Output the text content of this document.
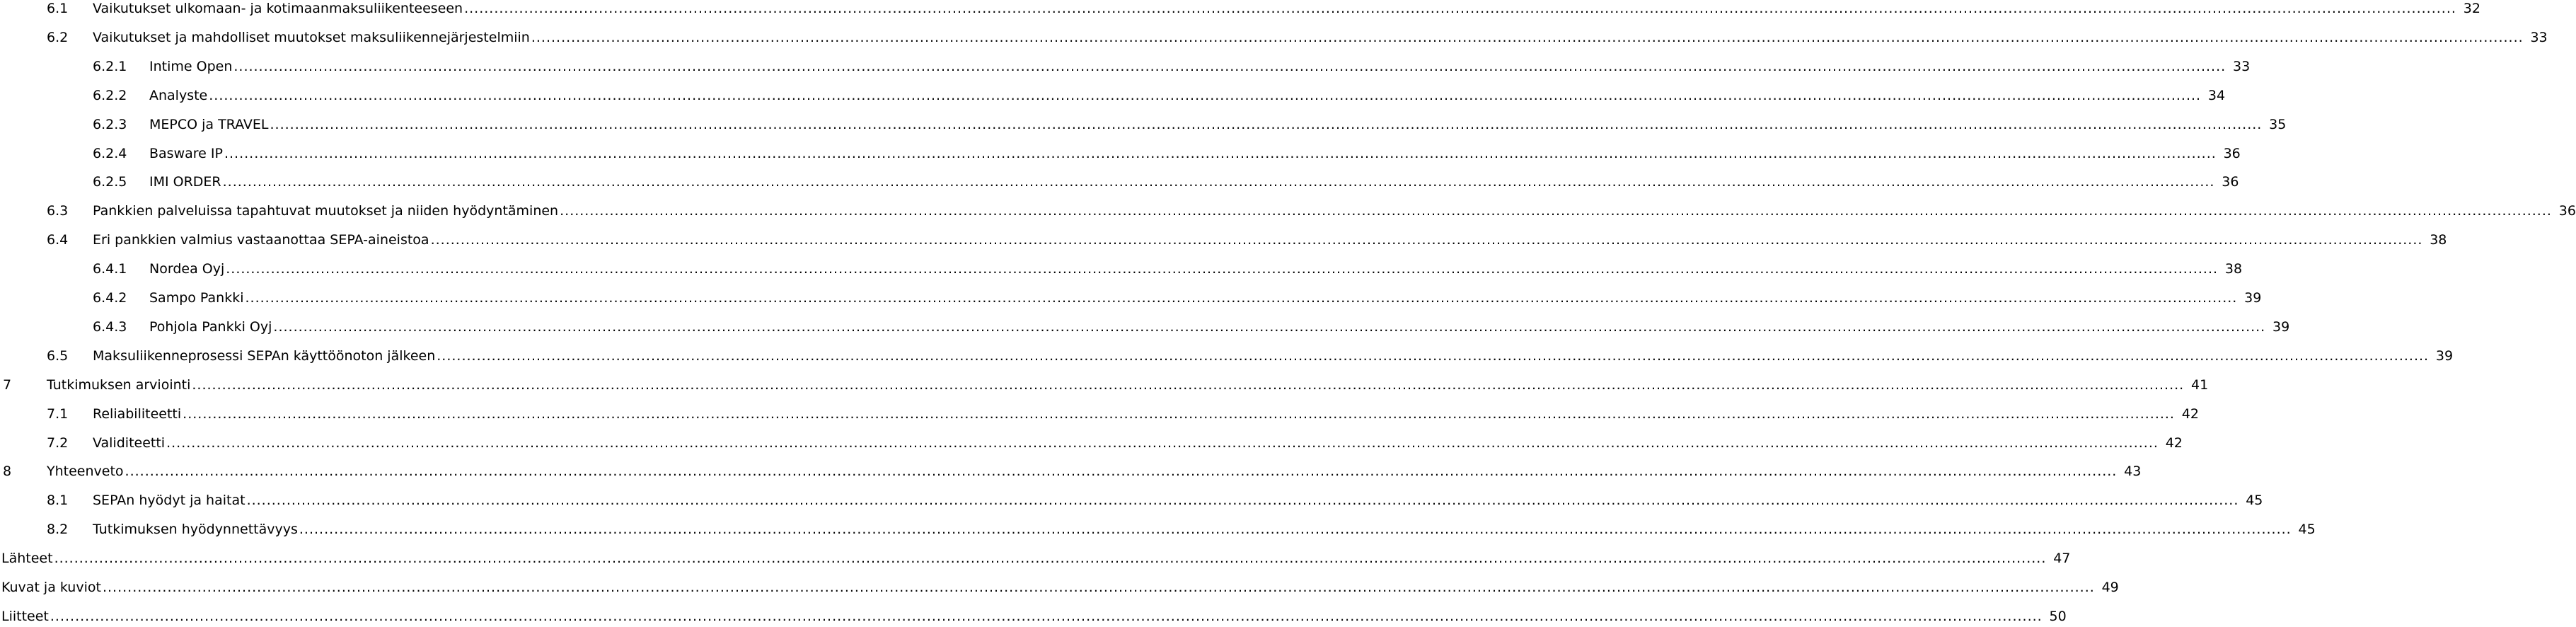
6.1 Vaikutukset ulkomaan- ja kotimaanmaksuliikenteeseen ................................................................................................................................................................................................................................................................................................................................................................................................................ 32
6.2 Vaikutukset ja mahdolliset muutokset maksuliikennejärjestelmiin ................................................................................................................................................................................................................................................................................................................................................................................................................ 33
6.2.1 Intime Open ................................................................................................................................................................................................................................................................................................................................................................................................................ 33
6.2.2 Analyste ................................................................................................................................................................................................................................................................................................................................................................................................................ 34
6.2.3 MEPCO ja TRAVEL ................................................................................................................................................................................................................................................................................................................................................................................................................ 35
6.2.4 Basware IP ................................................................................................................................................................................................................................................................................................................................................................................................................ 36
6.2.5 IMI ORDER ................................................................................................................................................................................................................................................................................................................................................................................................................ 36
6.3 Pankkien palveluissa tapahtuvat muutokset ja niiden hyödyntäminen ................................................................................................................................................................................................................................................................................................................................................................................................................ 36
6.4 Eri pankkien valmius vastaanottaa SEPA-aineistoa ................................................................................................................................................................................................................................................................................................................................................................................................................ 38
6.4.1 Nordea Oyj ................................................................................................................................................................................................................................................................................................................................................................................................................ 38
6.4.2 Sampo Pankki ................................................................................................................................................................................................................................................................................................................................................................................................................ 39
6.4.3 Pohjola Pankki Oyj ................................................................................................................................................................................................................................................................................................................................................................................................................ 39
6.5 Maksuliikenneprosessi SEPAn käyttöönoton jälkeen ................................................................................................................................................................................................................................................................................................................................................................................................................ 39
7	Tutkimuksen arviointi ................................................................................................................................................................................................................................................................................................................................................................................................................ 41
7.1 Reliabiliteetti ................................................................................................................................................................................................................................................................................................................................................................................................................ 42
7.2 Validiteetti ................................................................................................................................................................................................................................................................................................................................................................................................................ 42
8	Yhteenveto ................................................................................................................................................................................................................................................................................................................................................................................................................ 43
8.1 SEPAn hyödyt ja haitat ................................................................................................................................................................................................................................................................................................................................................................................................................ 45
8.2 Tutkimuksen hyödynnettävyys ................................................................................................................................................................................................................................................................................................................................................................................................................ 45
Lähteet ................................................................................................................................................................................................................................................................................................................................................................................................................ 47
Kuvat ja kuviot ................................................................................................................................................................................................................................................................................................................................................................................................................ 49
Liitteet ................................................................................................................................................................................................................................................................................................................................................................................................................ 50
